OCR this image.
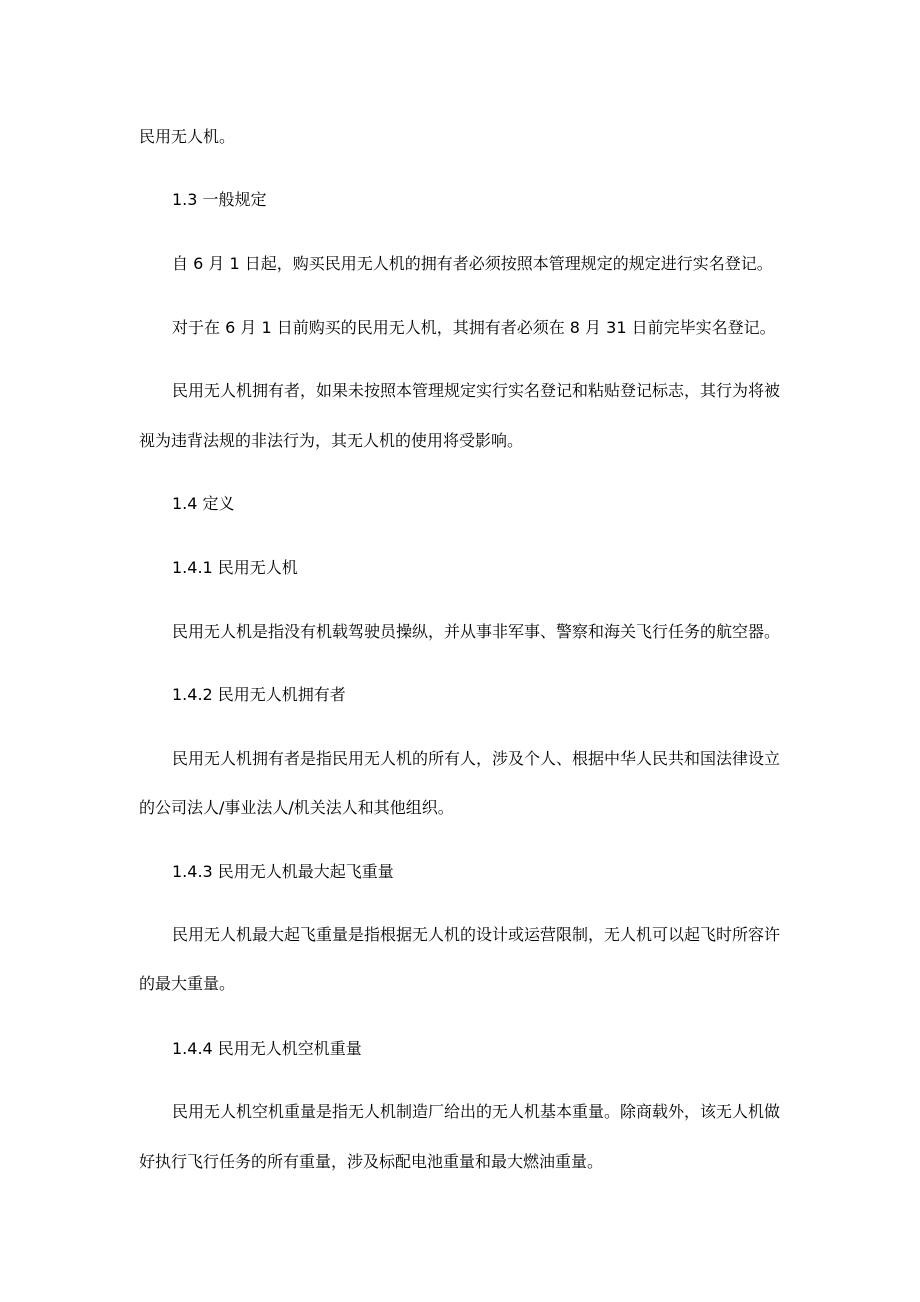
民用无人机。
1.3 一般规定
自 6 月 1 日起，购买民用无人机的拥有者必须按照本管理规定的规定进行实名登记。
对于在 6 月 1 日前购买的民用无人机，其拥有者必须在 8 月 31 日前完毕实名登记。
民用无人机拥有者，如果未按照本管理规定实行实名登记和粘贴登记标志，其行为将被
视为违背法规的非法行为，其无人机的使用将受影响。
1.4 定义
1.4.1 民用无人机
民用无人机是指没有机载驾驶员操纵，并从事非军事、警察和海关飞行任务的航空器。
1.4.2 民用无人机拥有者
民用无人机拥有者是指民用无人机的所有人，涉及个人、根据中华人民共和国法律设立
的公司法人/事业法人/机关法人和其他组织。
1.4.3 民用无人机最大起飞重量
民用无人机最大起飞重量是指根据无人机的设计或运营限制，无人机可以起飞时所容许
的最大重量。
1.4.4 民用无人机空机重量
民用无人机空机重量是指无人机制造厂给出的无人机基本重量。除商载外，该无人机做
好执行飞行任务的所有重量，涉及标配电池重量和最大燃油重量。
